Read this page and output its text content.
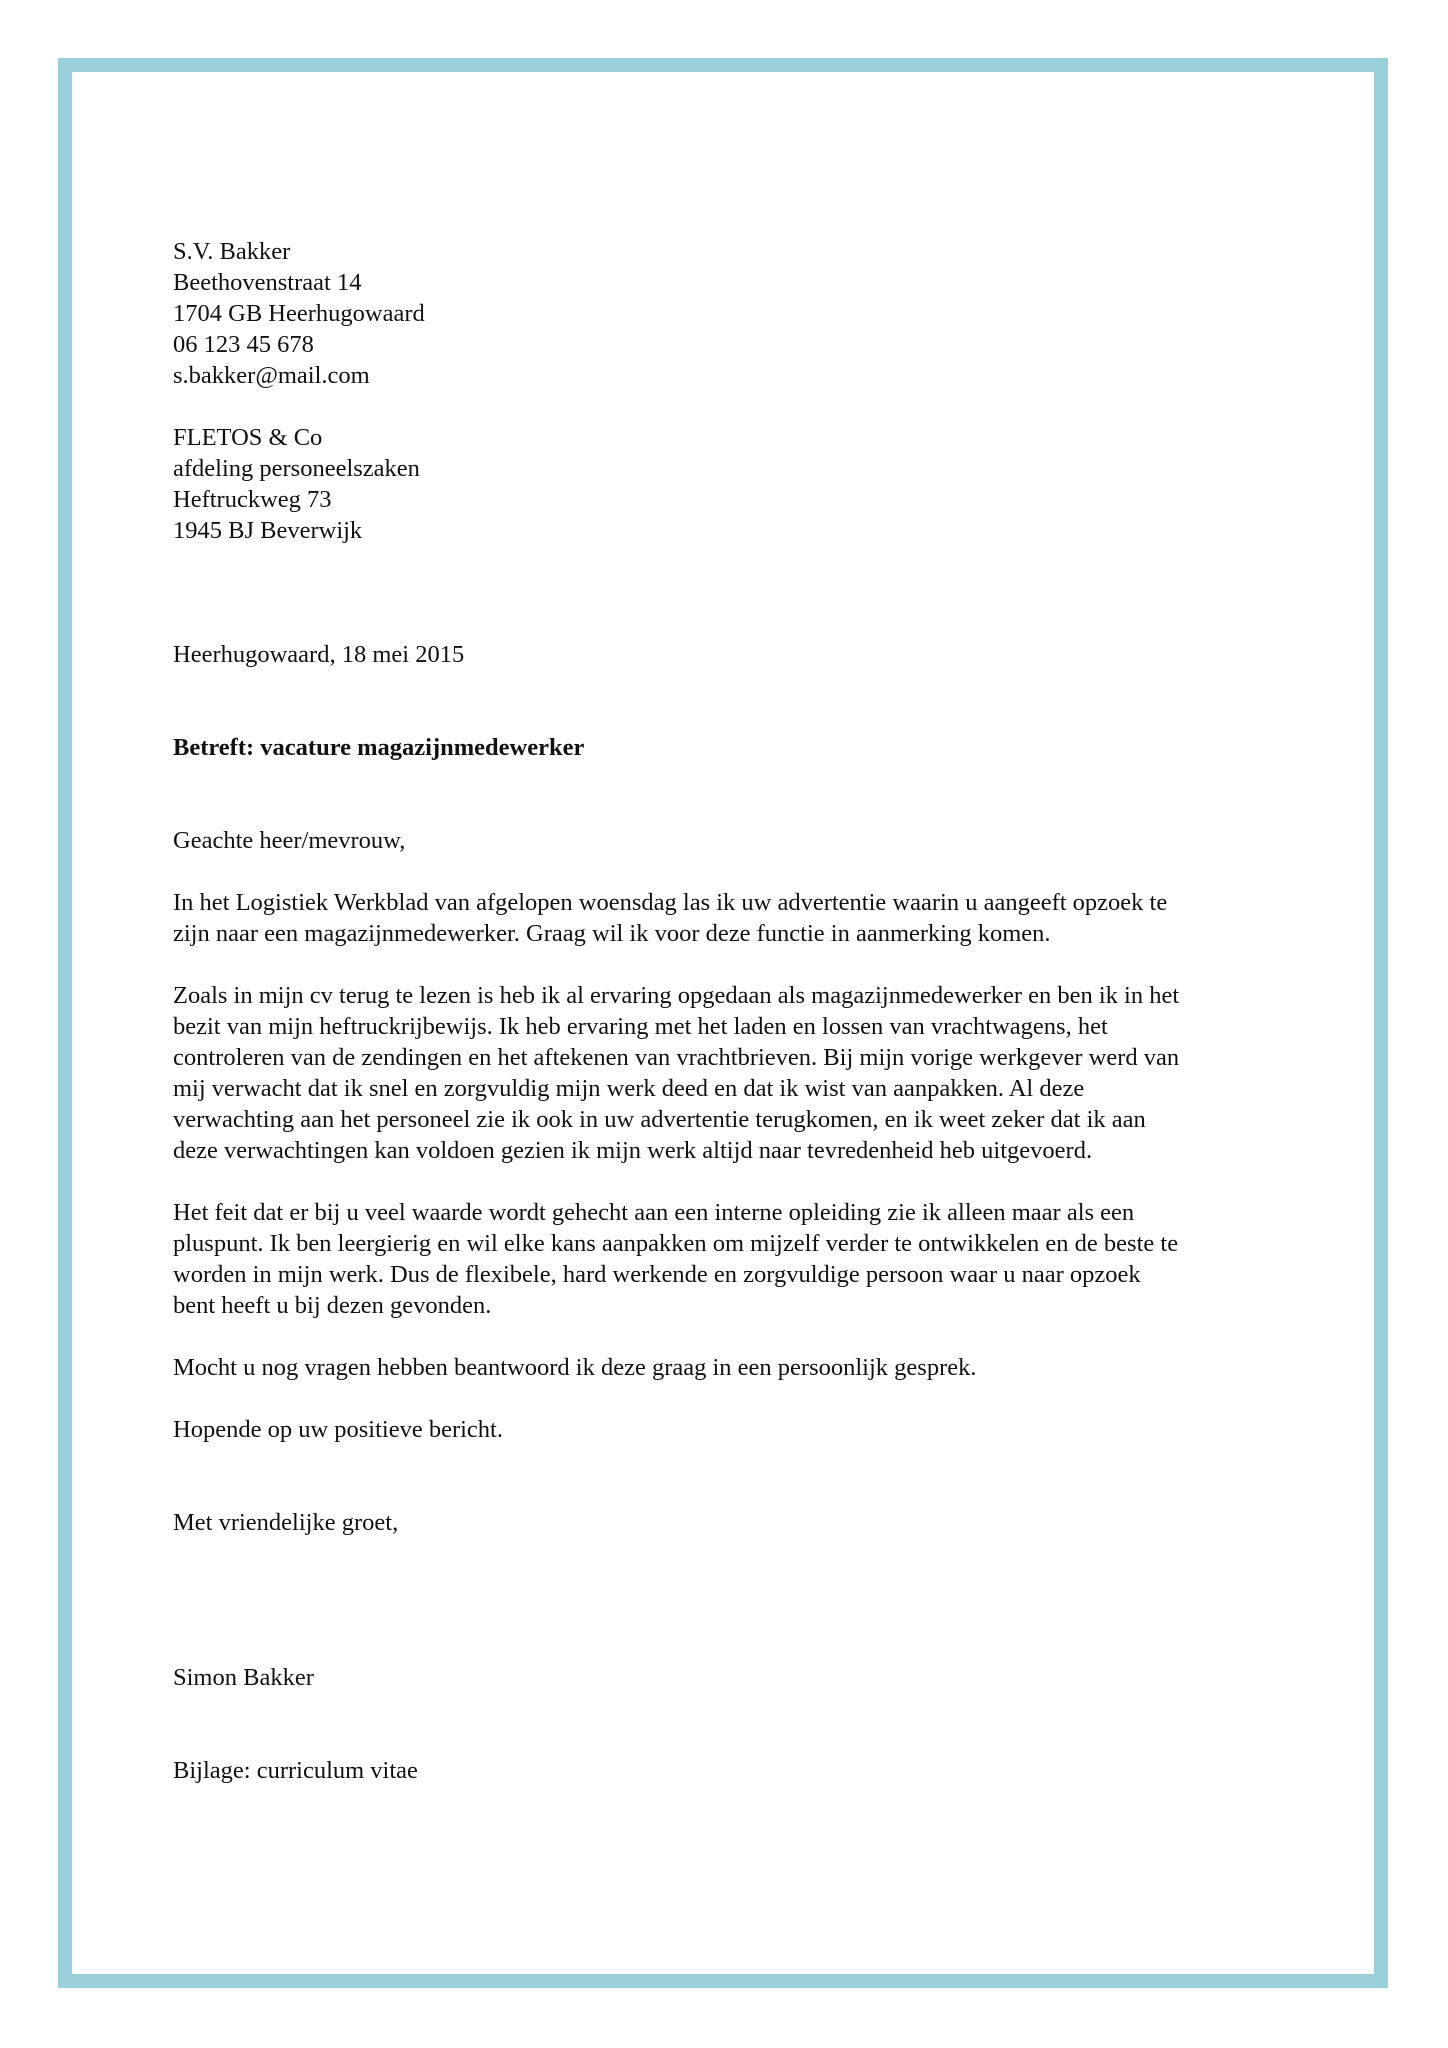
S.V. Bakker
Beethovenstraat 14
1704 GB Heerhugowaard
06 123 45 678
s.bakker@mail.com
FLETOS & Co
afdeling personeelszaken
Heftruckweg 73
1945 BJ Beverwijk
Heerhugowaard, 18 mei 2015
Betreft: vacature magazijnmedewerker
Geachte heer/mevrouw,
In het Logistiek Werkblad van afgelopen woensdag las ik uw advertentie waarin u aangeeft opzoek te
zijn naar een magazijnmedewerker. Graag wil ik voor deze functie in aanmerking komen.
Zoals in mijn cv terug te lezen is heb ik al ervaring opgedaan als magazijnmedewerker en ben ik in het
bezit van mijn heftruckrijbewijs. Ik heb ervaring met het laden en lossen van vrachtwagens, het
controleren van de zendingen en het aftekenen van vrachtbrieven. Bij mijn vorige werkgever werd van
mij verwacht dat ik snel en zorgvuldig mijn werk deed en dat ik wist van aanpakken. Al deze
verwachting aan het personeel zie ik ook in uw advertentie terugkomen, en ik weet zeker dat ik aan
deze verwachtingen kan voldoen gezien ik mijn werk altijd naar tevredenheid heb uitgevoerd.
Het feit dat er bij u veel waarde wordt gehecht aan een interne opleiding zie ik alleen maar als een
pluspunt. Ik ben leergierig en wil elke kans aanpakken om mijzelf verder te ontwikkelen en de beste te
worden in mijn werk. Dus de flexibele, hard werkende en zorgvuldige persoon waar u naar opzoek
bent heeft u bij dezen gevonden.
Mocht u nog vragen hebben beantwoord ik deze graag in een persoonlijk gesprek.
Hopende op uw positieve bericht.
Met vriendelijke groet,
Simon Bakker
Bijlage: curriculum vitae
